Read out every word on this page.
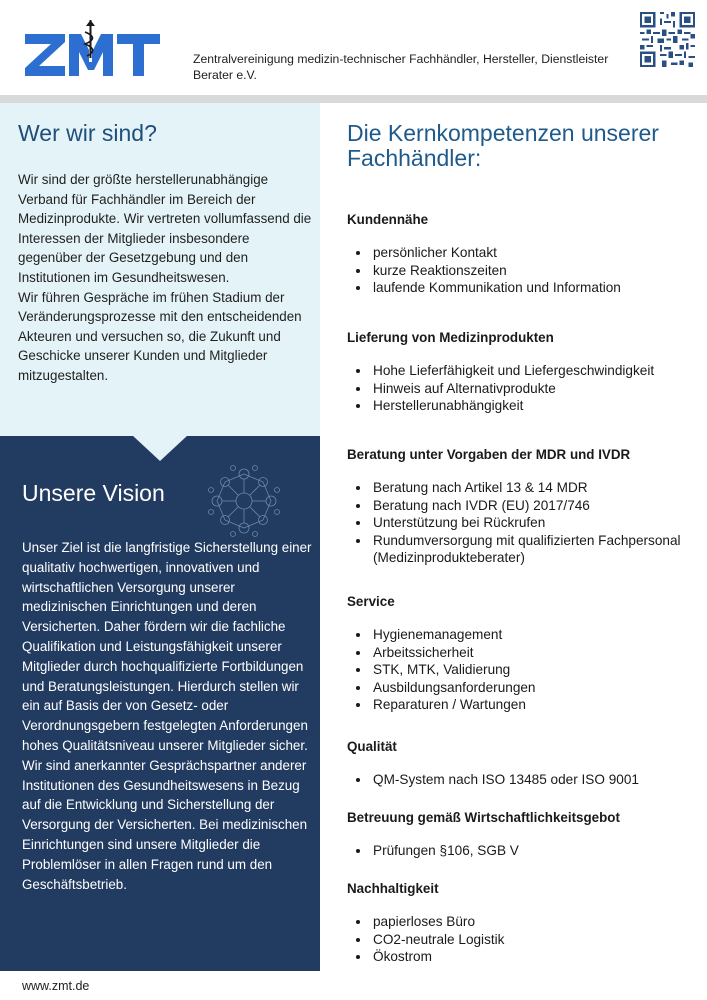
Zentralvereinigung medizin-technischer Fachhändler, Hersteller, Dienstleister Berater e.V.
Wer wir sind?

Wir sind der größte herstellerunabhängige Verband für Fachhändler im Bereich der Medizinprodukte. Wir vertreten vollumfassend die Interessen der Mitglieder insbesondere gegenüber der Gesetzgebung und den Institutionen im Gesundheitswesen.

Wir führen Gespräche im frühen Stadium der Veränderungsprozesse mit den entscheidenden Akteuren und versuchen so, die Zukunft und Geschicke unserer Kunden und Mitglieder mitzugestalten.

Unsere Vision

Unser Ziel ist die langfristige Sicherstellung einer qualitativ hochwertigen, innovativen und wirtschaftlichen Versorgung unserer medizinischen Einrichtungen und deren Versicherten. Daher fördern wir die fachliche Qualifikation und Leistungsfähigkeit unserer Mitglieder durch hochqualifizierte Fortbildungen und Beratungsleistungen. Hierdurch stellen wir ein auf Basis der von Gesetz- oder Verordnungsgebern festgelegten Anforderungen hohes Qualitätsniveau unserer Mitglieder sicher.

Wir sind anerkannter Gesprächspartner anderer Institutionen des Gesundheitswesens in Bezug auf die Entwicklung und Sicherstellung der Versorgung der Versicherten. Bei medizinischen Einrichtungen sind unsere Mitglieder die Problemlöser in allen Fragen rund um den Geschäftsbetrieb.

Die Kernkompetenzen unserer Fachhändler:
Kundennähe
persönlicher Kontakt
kurze Reaktionszeiten
laufende Kommunikation und Information
Lieferung von Medizinprodukten
Hohe Lieferfähigkeit und Liefergeschwindigkeit
Hinweis auf Alternativprodukte
Herstellerunabhängigkeit
Beratung unter Vorgaben der MDR und IVDR
Beratung nach Artikel 13 & 14 MDR
Beratung nach IVDR (EU) 2017/746
Unterstützung bei Rückrufen
Rundumversorgung mit qualifizierten Fachpersonal (Medizinprodukteberater)
Service
Hygienemanagement
Arbeitssicherheit
STK, MTK, Validierung
Ausbildungsanforderungen
Reparaturen / Wartungen
Qualität
QM-System nach ISO 13485 oder ISO 9001
Betreuung gemäß Wirtschaftlichkeitsgebot
Prüfungen §106, SGB V
Nachhaltigkeit
papierloses Büro
CO2-neutrale Logistik
Ökostrom
www.zmt.de
